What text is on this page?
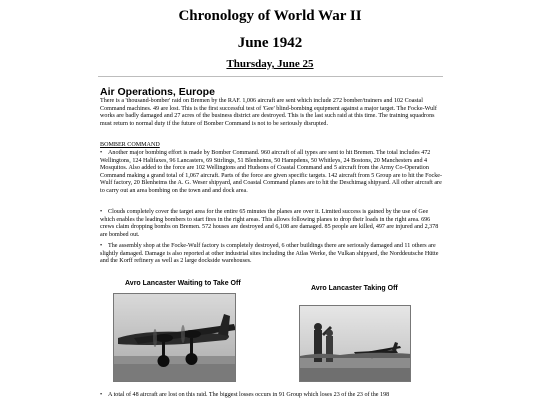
Chronology of World War II
June 1942
Thursday, June 25
Air Operations, Europe
There is a 'thousand-bomber' raid on Bremen by the RAF. 1,006 aircraft are sent which include 272 bomber/trainers and 102 Coastal Command machines. 49 are lost. This is the first successful test of 'Gee' blind-bombing equipment against a major target. The Focke-Wulf works are badly damaged and 27 acres of the business district are destroyed. This is the last such raid at this time. The training squadrons must return to normal duty if the future of Bomber Command is not to be seriously disrupted.
BOMBER COMMAND
• Another major bombing effort is made by Bomber Command. 960 aircraft of all types are sent to hit Bremen. The total includes 472 Wellingtons, 124 Halifaxes, 96 Lancasters, 69 Stirlings, 51 Blenheims, 50 Hampdens, 50 Whitleys, 24 Bostons, 20 Manchesters and 4 Mosquitos. Also added to the force are 102 Wellingtons and Hudsons of Coastal Command and 5 aircraft from the Army Co-Operation Command making a grand total of 1,067 aircraft. Parts of the force are given specific targets. 142 aircraft from 5 Group are to hit the Focke-Wulf factory, 20 Blenheims the A. G. Weser shipyard, and Coastal Command planes are to hit the Deschimag shipyard. All other aircraft are to carry out an area bombing on the town and and dock area.
• Clouds completely cover the target area for the entire 65 minutes the planes are over it. Limited success is gained by the use of Gee which enables the leading bombers to start fires in the right areas. This allows following planes to drop their loads in the right area. 696 crews claim dropping bombs on Bremen. 572 houses are destroyed and 6,108 are damaged. 85 people are killed, 497 are injured and 2,378 are bombed out.
• The assembly shop at the Focke-Wulf factory is completely destroyed, 6 other buildings there are seriously damaged and 11 others are slightly damaged. Damage is also reported at other industrial sites including the Atlas Werke, the Vulkan shipyard, the Norddeutsche Hütte and the Korff refinery as well as 2 large dockside warehouses.
Avro Lancaster Waiting to Take Off
Avro Lancaster Taking Off
• A total of 48 aircraft are lost on this raid. The biggest losses occurs in 91 Group which loses 23 of the 23 of the 198
